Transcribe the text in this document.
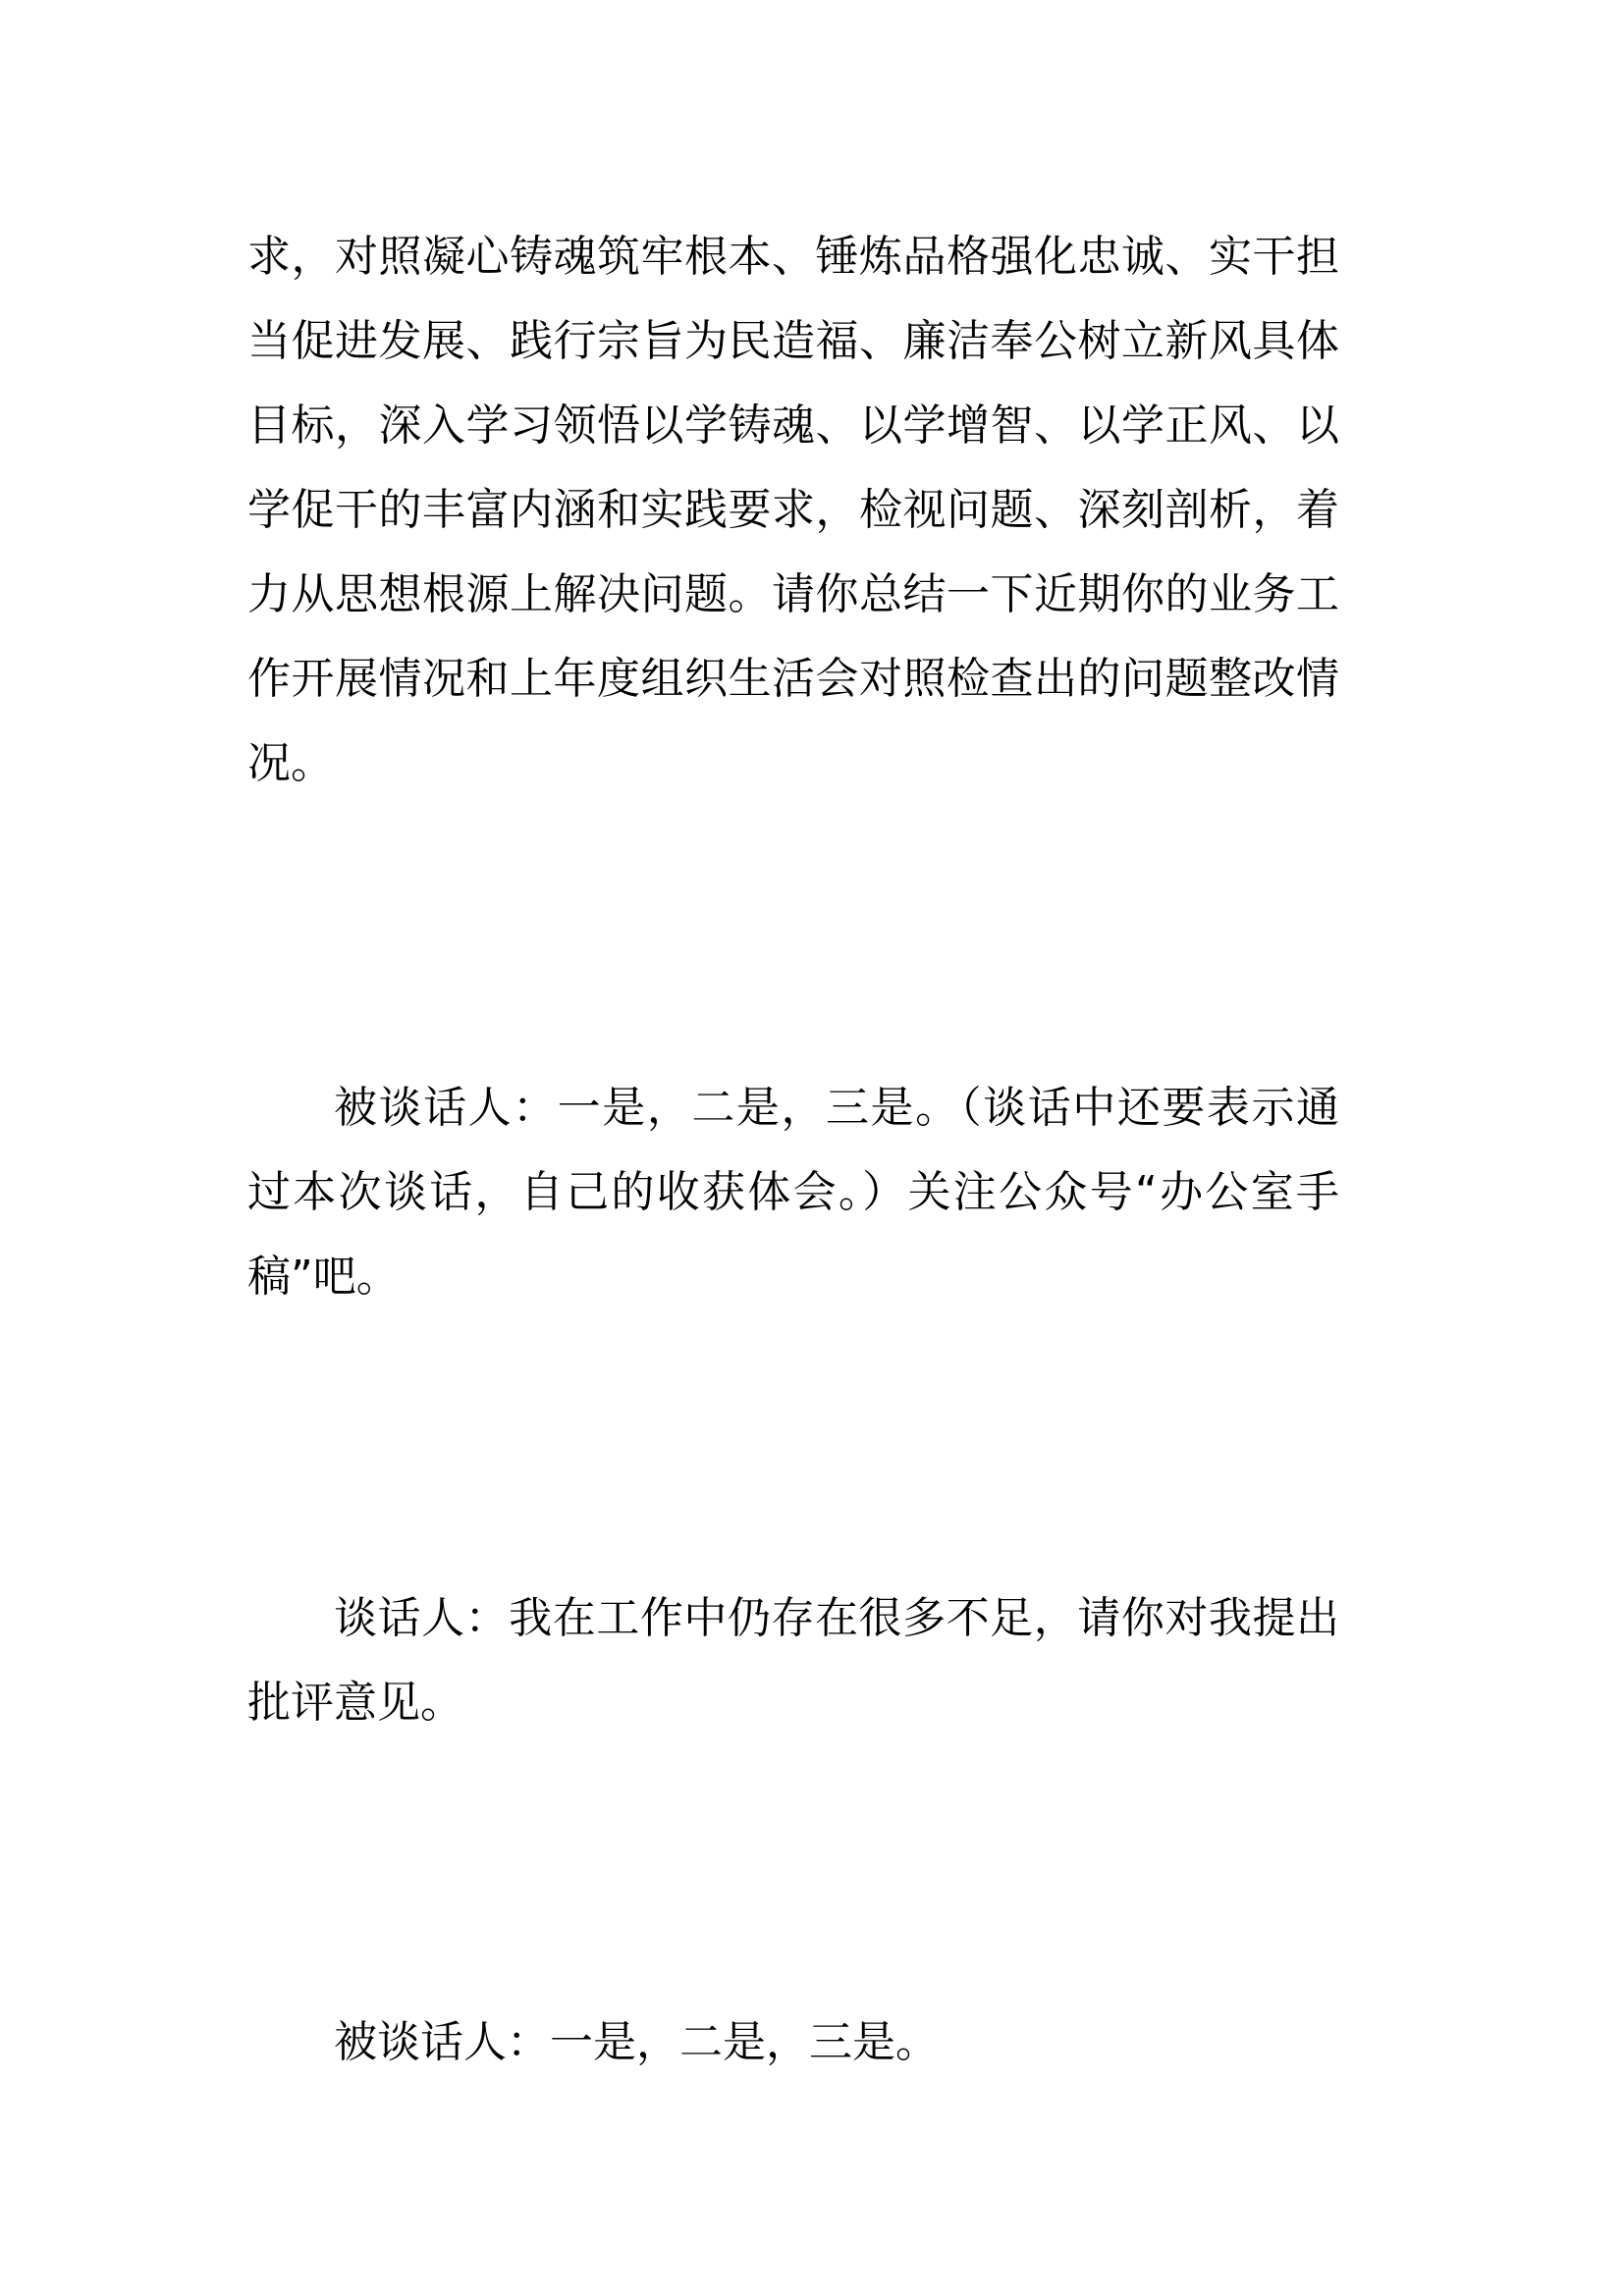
求，对照凝心铸魂筑牢根本、锤炼品格强化忠诚、实干担
当促进发展、践行宗旨为民造福、廉洁奉公树立新风具体
目标，深入学习领悟以学铸魂、以学增智、以学正风、以
学促干的丰富内涵和实践要求，检视问题、深刻剖析，着
力从思想根源上解决问题。请你总结一下近期你的业务工
作开展情况和上年度组织生活会对照检查出的问题整改情
况。

被谈话人：一是，二是，三是。（谈话中还要表示通
过本次谈话，自己的收获体会。）关注公众号“办公室手
稿”吧。

谈话人：我在工作中仍存在很多不足，请你对我提出
批评意见。

被谈话人：一是，二是，三是。
